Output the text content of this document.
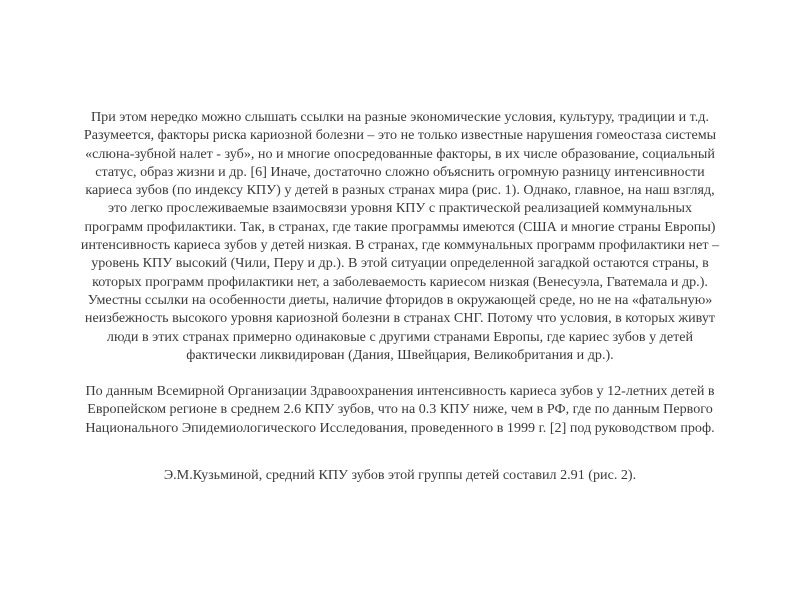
При этом нередко можно слышать ссылки на разные экономические условия, культуру, традиции и т.д.
Разумеется, факторы риска кариозной болезни – это не только известные нарушения гомеостаза системы
«слюна-зубной налет - зуб», но и многие опосредованные факторы, в их числе образование, социальный
статус, образ жизни и др. [6] Иначе, достаточно сложно объяснить огромную разницу интенсивности
кариеса зубов (по индексу КПУ) у детей в разных странах мира (рис. 1). Однако, главное, на наш взгляд,
это легко прослеживаемые взаимосвязи уровня КПУ с практической реализацией коммунальных
программ профилактики. Так, в странах, где такие программы имеются (США и многие страны Европы)
интенсивность кариеса зубов у детей низкая. В странах, где коммунальных программ профилактики нет –
уровень КПУ высокий (Чили, Перу и др.). В этой ситуации определенной загадкой остаются страны, в
которых программ профилактики нет, а заболеваемость кариесом низкая (Венесуэла, Гватемала и др.).
Уместны ссылки на особенности диеты, наличие фторидов в окружающей среде, но не на «фатальную»
неизбежность высокого уровня кариозной болезни в странах СНГ. Потому что условия, в которых живут
люди в этих странах примерно одинаковые с другими странами Европы, где кариес зубов у детей
фактически ликвидирован (Дания, Швейцария, Великобритания и др.).
По данным Всемирной Организации Здравоохранения интенсивность кариеса зубов у 12-летних детей в
Европейском регионе в среднем 2.6 КПУ зубов, что на 0.3 КПУ ниже, чем в РФ, где по данным Первого
Национального Эпидемиологического Исследования, проведенного в 1999 г. [2] под руководством проф.
Э.М.Кузьминой, средний КПУ зубов этой группы детей составил 2.91 (рис. 2).
